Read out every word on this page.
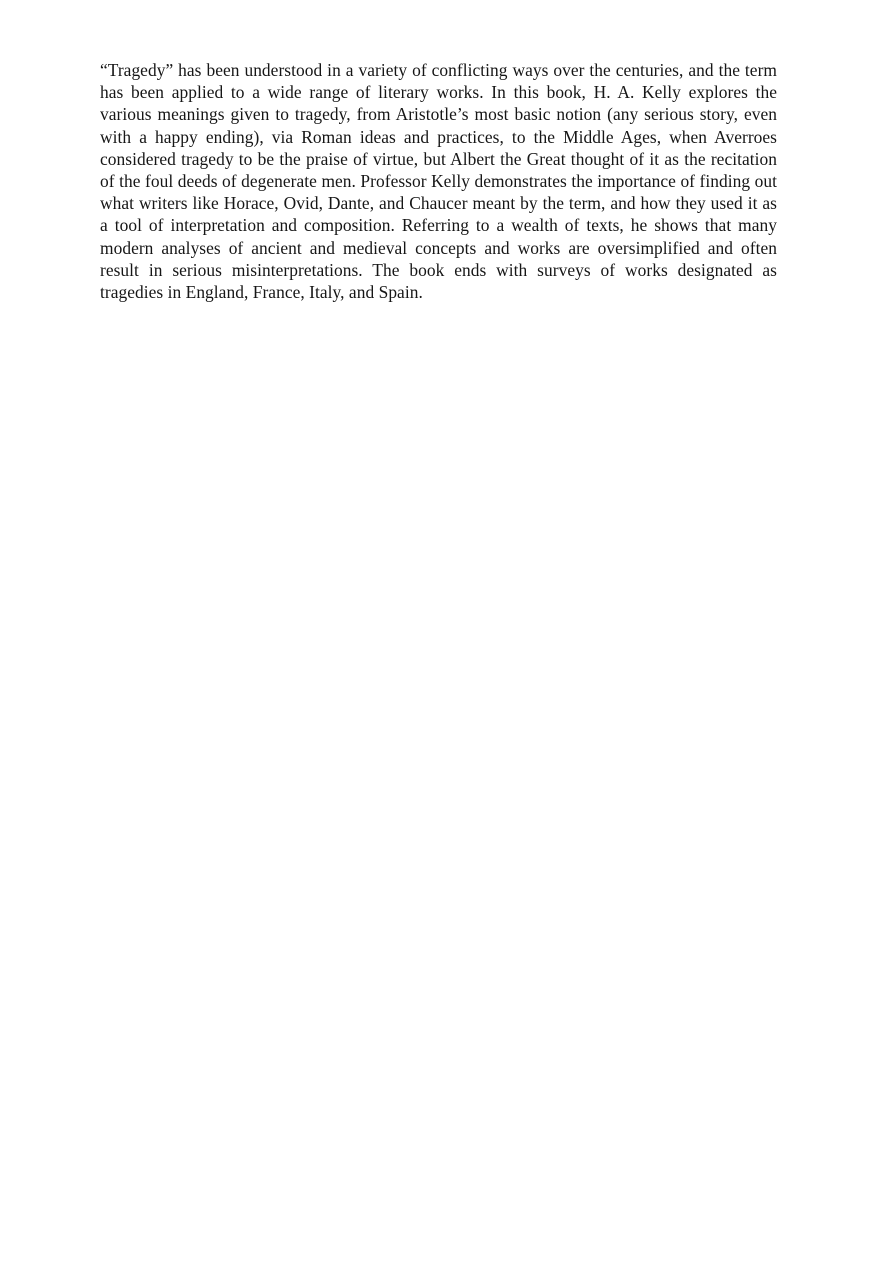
“Tragedy” has been understood in a variety of conflicting ways over the centuries, and the term has been applied to a wide range of literary works. In this book, H. A. Kelly explores the various meanings given to tragedy, from Aristotle’s most basic notion (any serious story, even with a happy ending), via Roman ideas and practices, to the Middle Ages, when Averroes considered tragedy to be the praise of virtue, but Albert the Great thought of it as the recitation of the foul deeds of degenerate men. Professor Kelly demonstrates the importance of finding out what writers like Horace, Ovid, Dante, and Chaucer meant by the term, and how they used it as a tool of interpretation and composition. Referring to a wealth of texts, he shows that many modern analyses of ancient and medieval concepts and works are oversimplified and often result in serious misinterpretations. The book ends with surveys of works designated as tragedies in England, France, Italy, and Spain.
